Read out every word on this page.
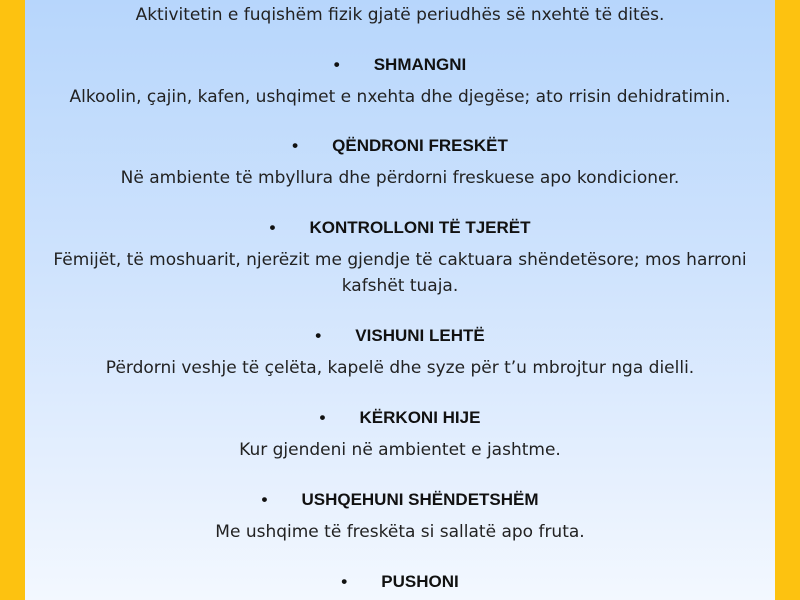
Aktivitetin e fuqishëm fizik gjatë periudhës së nxehtë të ditës.
• SHMANGNI
Alkoolin, çajin, kafen, ushqimet e nxehta dhe djegëse; ato rrisin dehidratimin.
• QËNDRONI FRESKËT
Në ambiente të mbyllura dhe përdorni freskuese apo kondicioner.
• KONTROLLONI TË TJERËT
Fëmijët, të moshuarit, njerëzit me gjendje të caktuara shëndetësore; mos harroni
kafshët tuaja.
• VISHUNI LEHTË
Përdorni veshje të çelëta, kapelë dhe syze për t’u mbrojtur nga dielli.
• KËRKONI HIJE
Kur gjendeni në ambientet e jashtme.
• USHQEHUNI SHËNDETSHËM
Me ushqime të freskëta si sallatë apo fruta.
• PUSHONI
